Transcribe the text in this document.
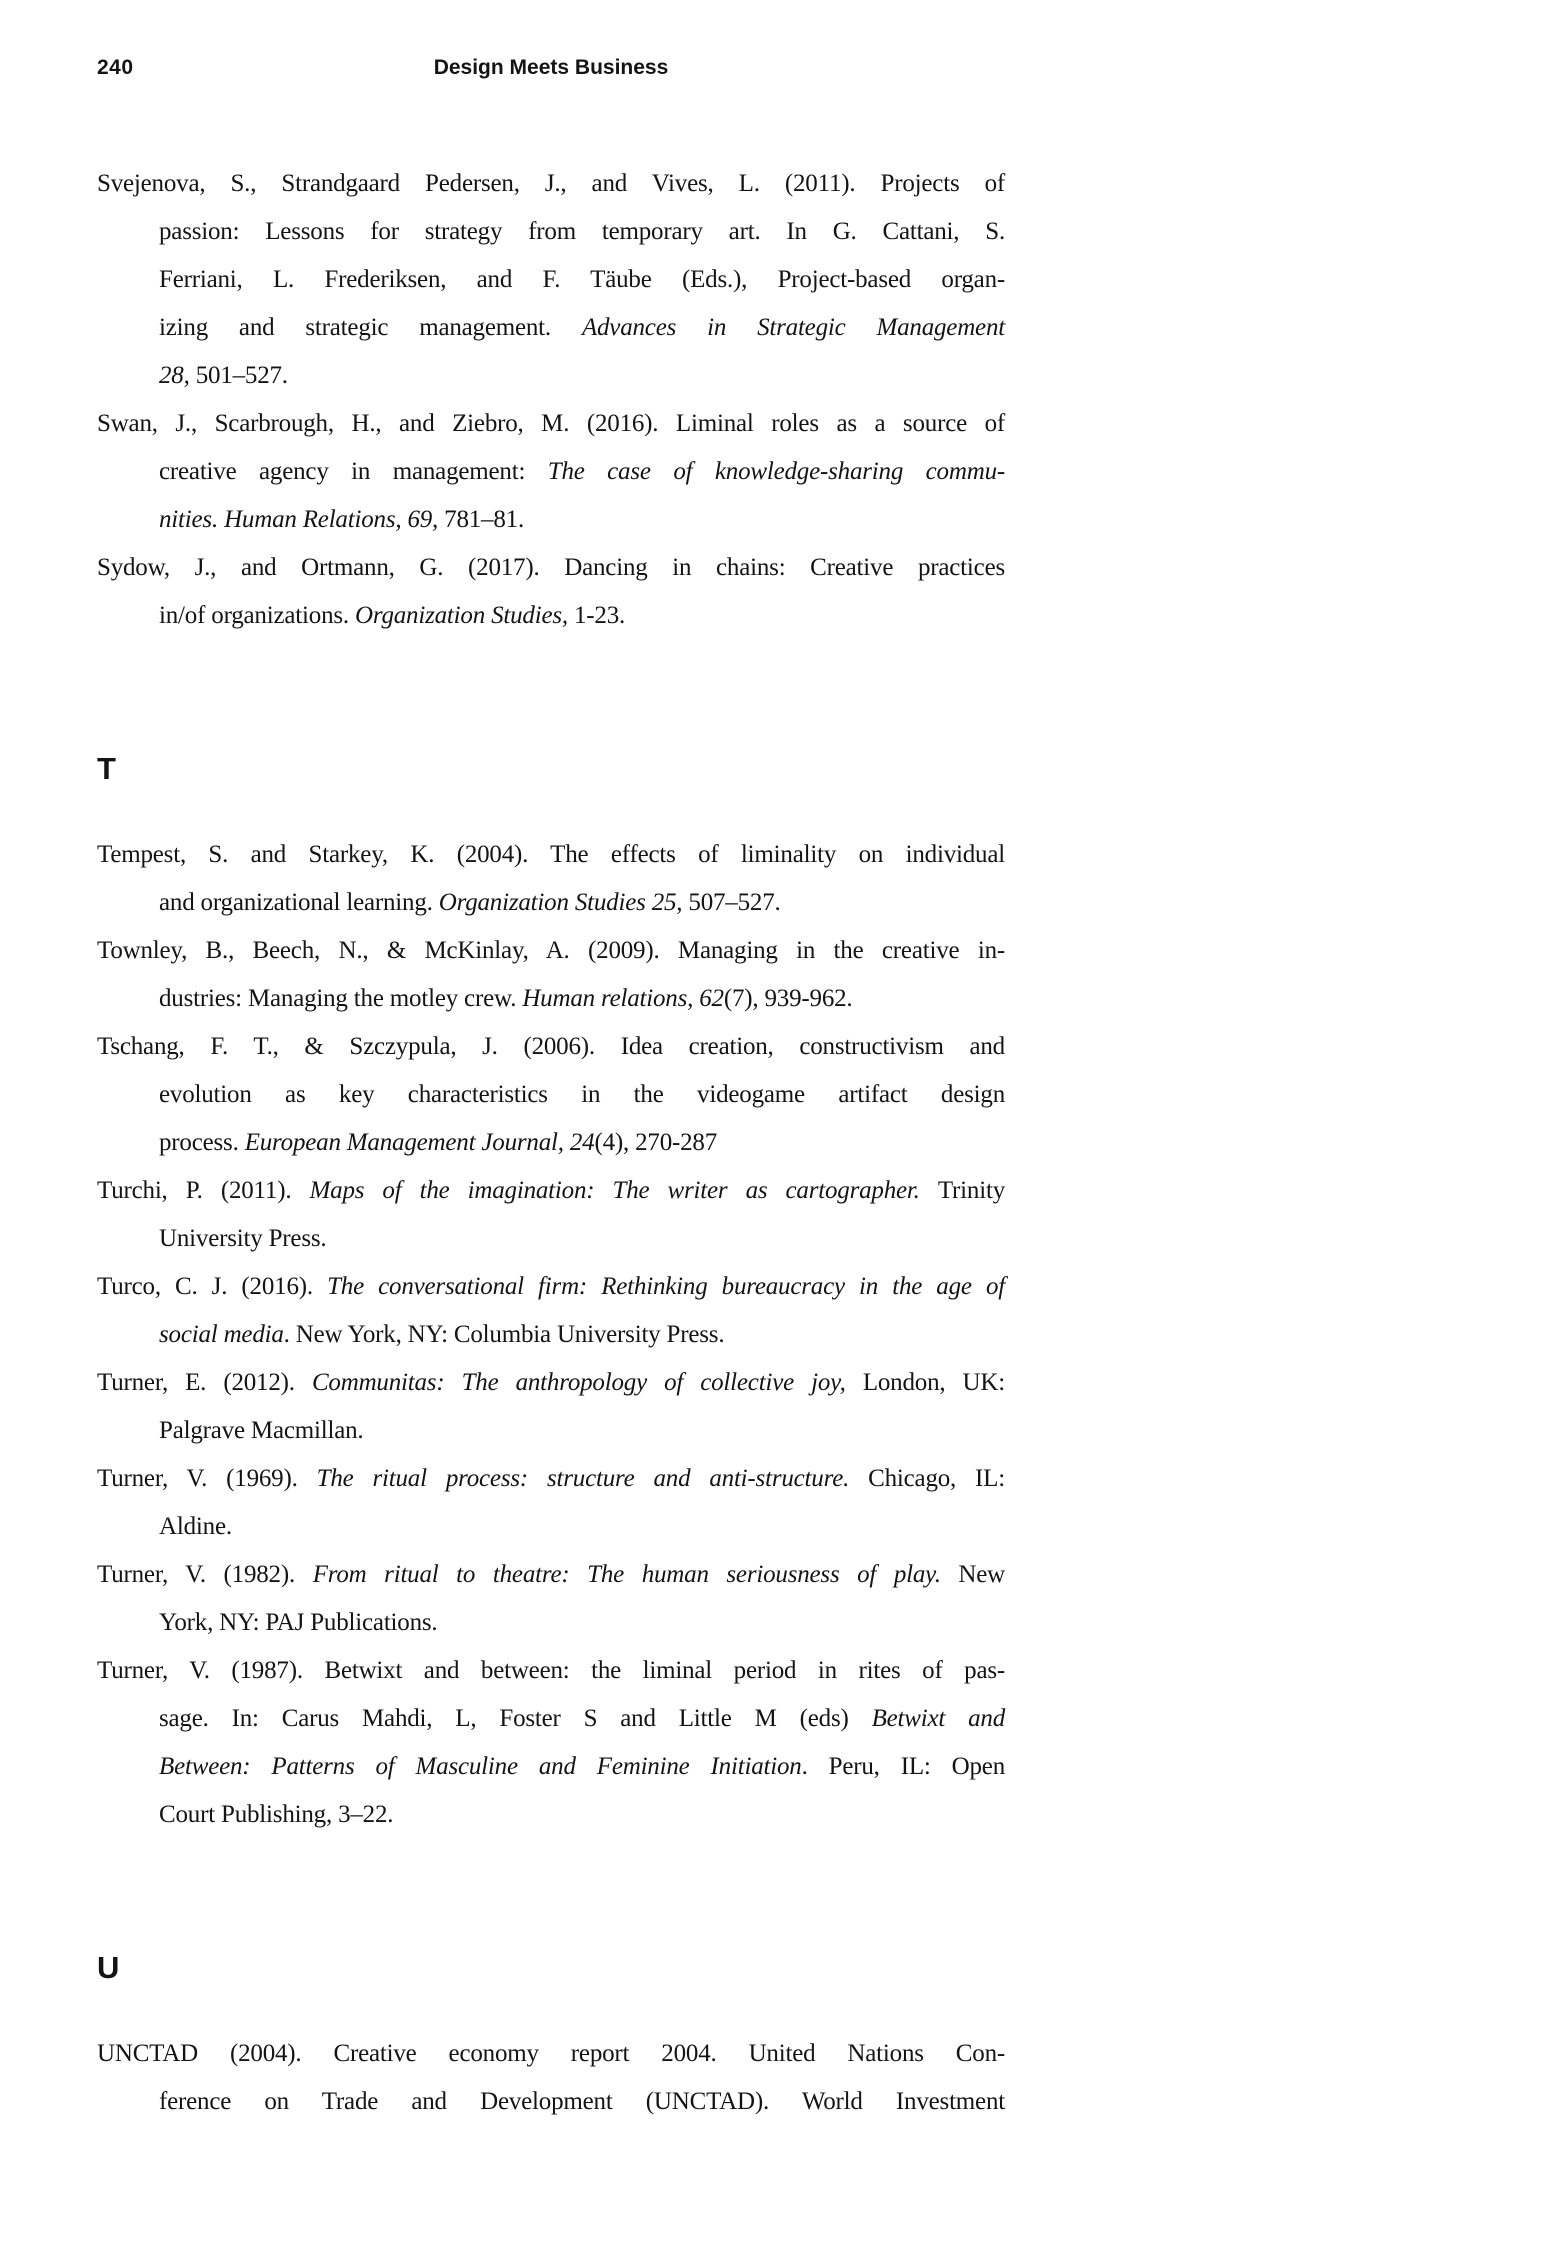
240	Design Meets Business
Svejenova, S., Strandgaard Pedersen, J., and Vives, L. (2011). Projects of
passion: Lessons for strategy from temporary art. In G. Cattani, S.
Ferriani, L. Frederiksen, and F. Täube (Eds.), Project-based organ-
izing and strategic management. Advances in Strategic Management
28, 501–527.
Swan, J., Scarbrough, H., and Ziebro, M. (2016). Liminal roles as a source of
creative agency in management: The case of knowledge-sharing commu-
nities. Human Relations, 69, 781–81.
Sydow, J., and Ortmann, G. (2017). Dancing in chains: Creative practices
in/of organizations. Organization Studies, 1-23.
T
Tempest, S. and Starkey, K. (2004). The effects of liminality on individual
and organizational learning. Organization Studies 25, 507–527.
Townley, B., Beech, N., & McKinlay, A. (2009). Managing in the creative in-
dustries: Managing the motley crew. Human relations, 62(7), 939-962.
Tschang, F. T., & Szczypula, J. (2006). Idea creation, constructivism and
evolution as key characteristics in the videogame artifact design
process. European Management Journal, 24(4), 270-287
Turchi, P. (2011). Maps of the imagination: The writer as cartographer. Trinity
University Press.
Turco, C. J. (2016). The conversational firm: Rethinking bureaucracy in the age of
social media. New York, NY: Columbia University Press.
Turner, E. (2012). Communitas: The anthropology of collective joy, London, UK:
Palgrave Macmillan.
Turner, V. (1969). The ritual process: structure and anti-structure. Chicago, IL:
Aldine.
Turner, V. (1982). From ritual to theatre: The human seriousness of play. New
York, NY: PAJ Publications.
Turner, V. (1987). Betwixt and between: the liminal period in rites of pas-
sage. In: Carus Mahdi, L, Foster S and Little M (eds) Betwixt and
Between: Patterns of Masculine and Feminine Initiation. Peru, IL: Open
Court Publishing, 3–22.
U
UNCTAD (2004). Creative economy report 2004. United Nations Con-
ference on Trade and Development (UNCTAD). World Investment
